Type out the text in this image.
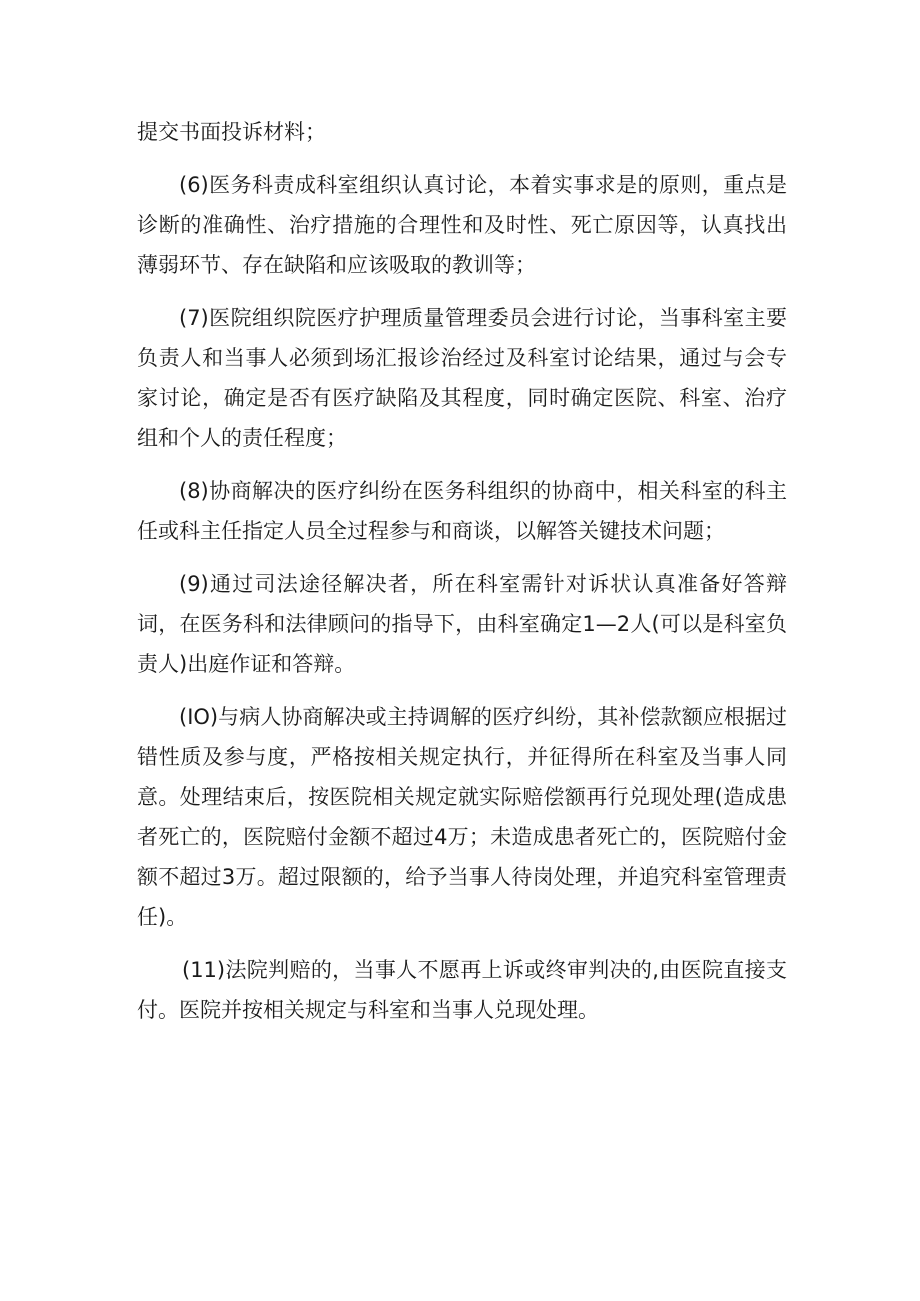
提交书面投诉材料；

(6)医务科责成科室组织认真讨论，本着实事求是的原则，重点是诊断的准确性、治疗措施的合理性和及时性、死亡原因等，认真找出薄弱环节、存在缺陷和应该吸取的教训等；

(7)医院组织院医疗护理质量管理委员会进行讨论，当事科室主要负责人和当事人必须到场汇报诊治经过及科室讨论结果，通过与会专家讨论，确定是否有医疗缺陷及其程度，同时确定医院、科室、治疗组和个人的责任程度；

(8)协商解决的医疗纠纷在医务科组织的协商中，相关科室的科主任或科主任指定人员全过程参与和商谈，以解答关键技术问题；

(9)通过司法途径解决者，所在科室需针对诉状认真准备好答辩词，在医务科和法律顾问的指导下，由科室确定1—2人(可以是科室负责人)出庭作证和答辩。

(IO)与病人协商解决或主持调解的医疗纠纷，其补偿款额应根据过错性质及参与度，严格按相关规定执行，并征得所在科室及当事人同意。处理结束后，按医院相关规定就实际赔偿额再行兑现处理(造成患者死亡的，医院赔付金额不超过4万；未造成患者死亡的，医院赔付金额不超过3万。超过限额的，给予当事人待岗处理，并追究科室管理责任)。

(11)法院判赔的，当事人不愿再上诉或终审判决的,由医院直接支付。医院并按相关规定与科室和当事人兑现处理。
